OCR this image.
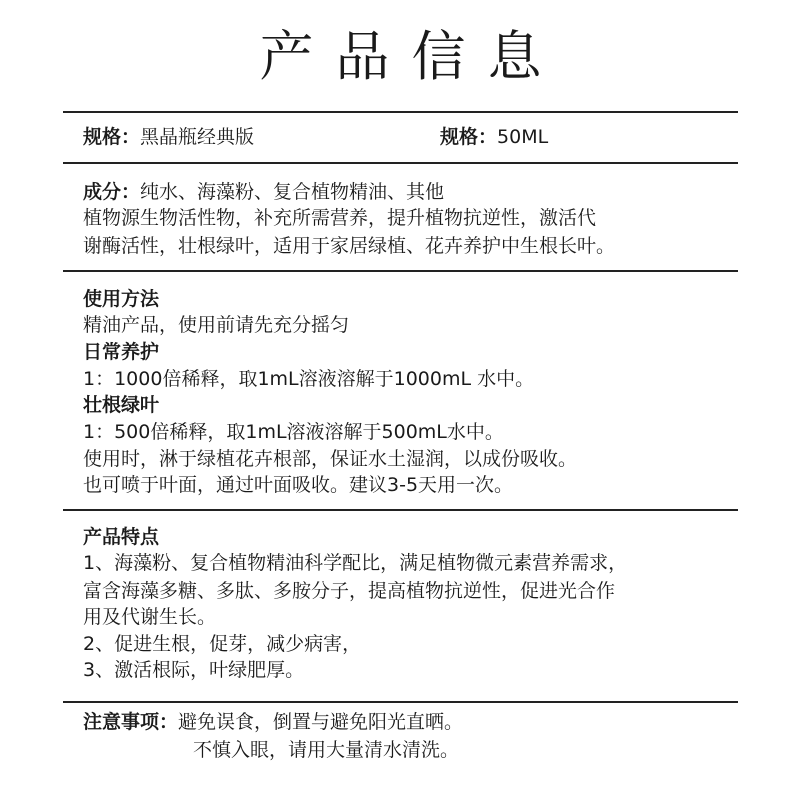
产品信息
规格：黑晶瓶经典版	规格：50ML
成分：纯水、海藻粉、复合植物精油、其他
植物源生物活性物，补充所需营养，提升植物抗逆性，激活代
谢酶活性，壮根绿叶，适用于家居绿植、花卉养护中生根长叶。
使用方法
精油产品，使用前请先充分摇匀
日常养护
1：1000倍稀释，取1mL溶液溶解于1000mL 水中。
壮根绿叶
1：500倍稀释，取1mL溶液溶解于500mL水中。
使用时，淋于绿植花卉根部，保证水土湿润，以成份吸收。
也可喷于叶面，通过叶面吸收。建议3-5天用一次。
产品特点
1、海藻粉、复合植物精油科学配比，满足植物微元素营养需求，
富含海藻多糖、多肽、多胺分子，提高植物抗逆性，促进光合作
用及代谢生长。
2、促进生根，促芽，减少病害，
3、激活根际，叶绿肥厚。
注意事项：避免误食，倒置与避免阳光直晒。
不慎入眼，请用大量清水清洗。
